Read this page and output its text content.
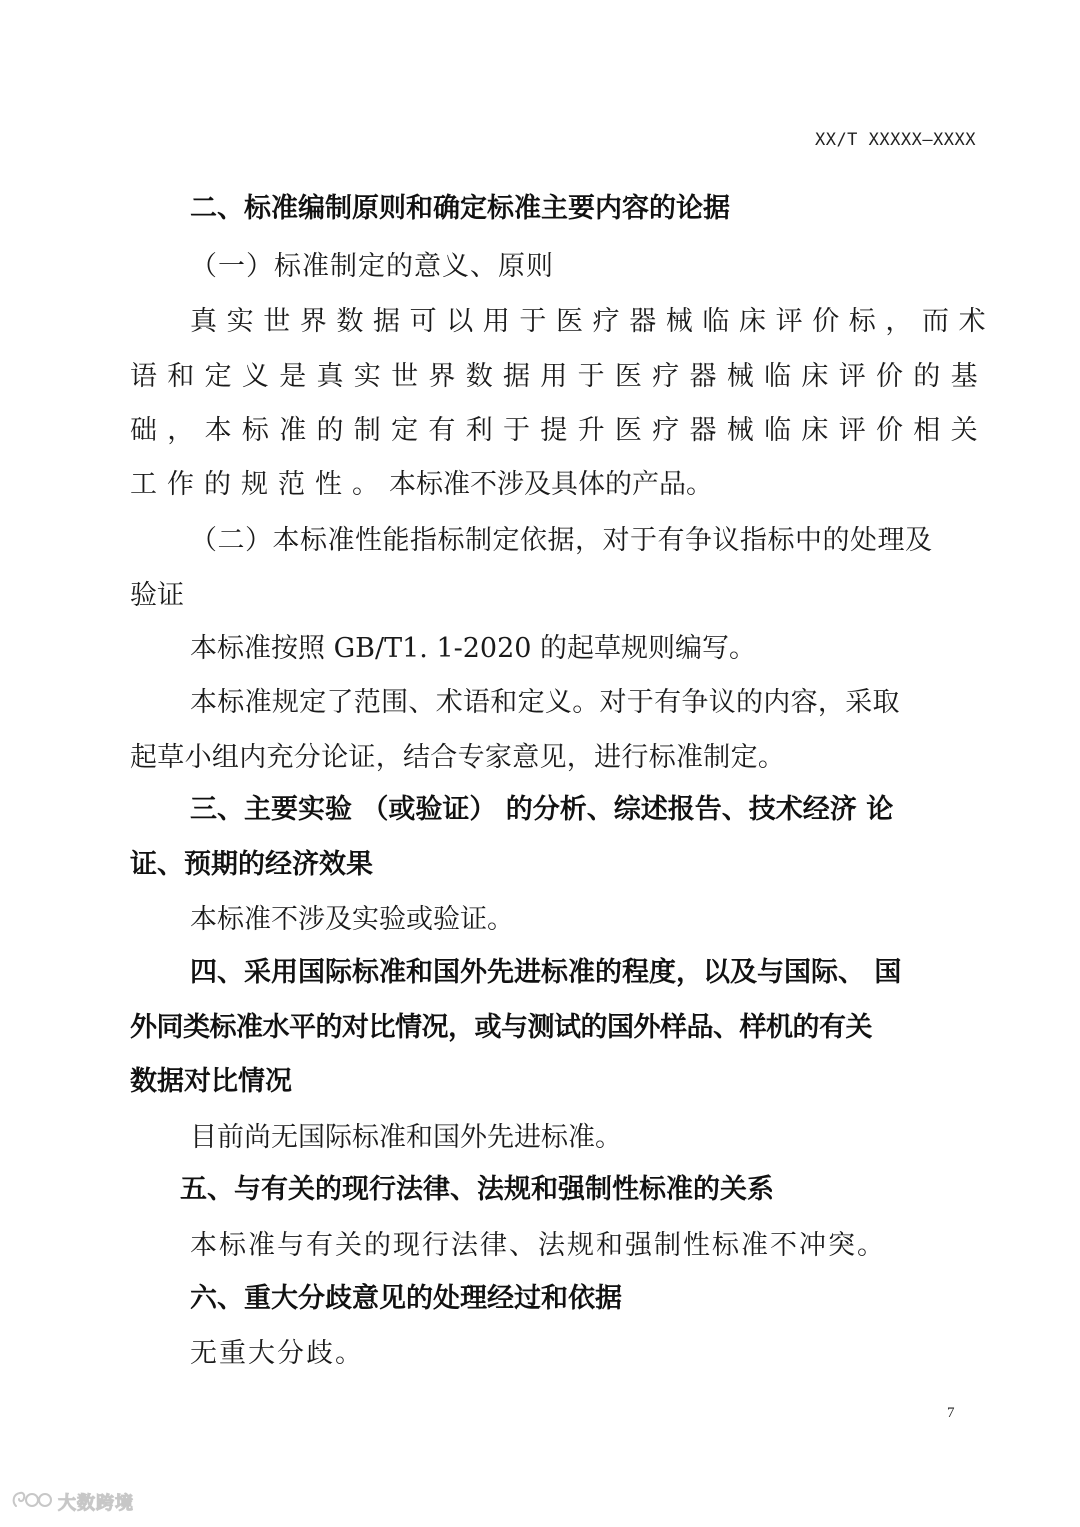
XX/T XXXXX—XXXX
二、标准编制原则和确定标准主要内容的论据
（一）标准制定的意义、原则
真实世界数据可以用于医疗器械临床评价标，而术
语和定义是真实世界数据用于医疗器械临床评价的基
础，本标准的制定有利于提升医疗器械临床评价相关
工作的规范性。本标准不涉及具体的产品。
（二）本标准性能指标制定依据，对于有争议指标中的处理及
验证
本标准按照 GB/T1. 1-2020 的起草规则编写。
本标准规定了范围、术语和定义。对于有争议的内容，采取
起草小组内充分论证，结合专家意见，进行标准制定。
三、主要实验 （或验证） 的分析、综述报告、技术经济 论
证、预期的经济效果
本标准不涉及实验或验证。
四、采用国际标准和国外先进标准的程度，以及与国际、 国
外同类标准水平的对比情况，或与测试的国外样品、样机的有关
数据对比情况
目前尚无国际标准和国外先进标准。
五、与有关的现行法律、法规和强制性标准的关系
本标准与有关的现行法律、法规和强制性标准不冲突。
六、重大分歧意见的处理经过和依据
无重大分歧。
7
大数跨境
